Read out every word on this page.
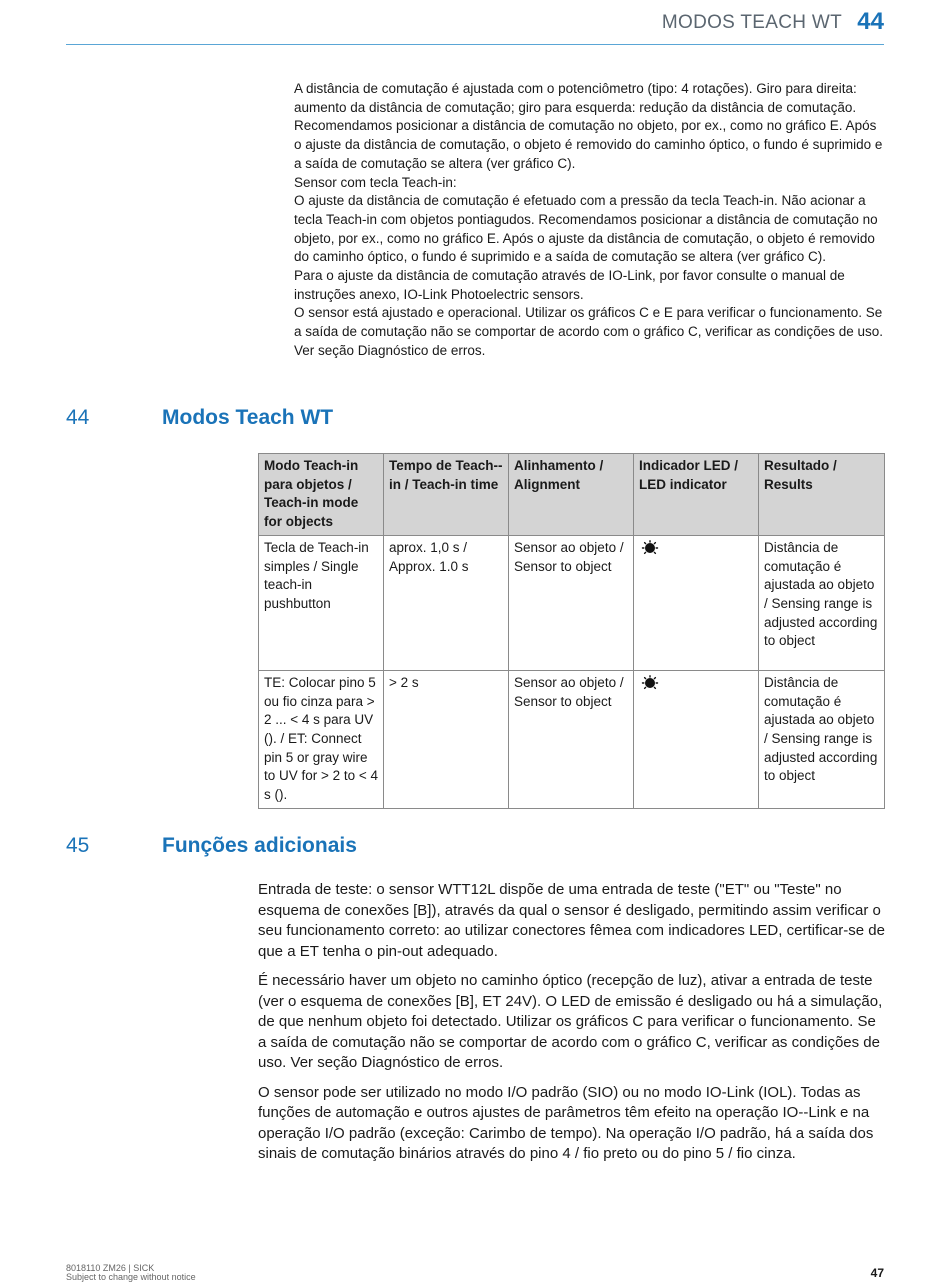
MODOS TEACH WT 44

A distância de comutação é ajustada com o potenciômetro (tipo: 4 rotações). Giro para direita: aumento da distância de comutação; giro para esquerda: redução da distância de comutação. Recomendamos posicionar a distância de comutação no objeto, por ex., como no gráfico E. Após o ajuste da distância de comutação, o objeto é removido do caminho óptico, o fundo é suprimido e a saída de comutação se altera (ver gráfico C).

Sensor com tecla Teach-in:

O ajuste da distância de comutação é efetuado com a pressão da tecla Teach-in. Não acionar a tecla Teach-in com objetos pontiagudos. Recomendamos posicionar a distância de comutação no objeto, por ex., como no gráfico E. Após o ajuste da distância de comutação, o objeto é removido do caminho óptico, o fundo é suprimido e a saída de comutação se altera (ver gráfico C).

Para o ajuste da distância de comutação através de IO-Link, por favor consulte o manual de instruções anexo, IO-Link Photoelectric sensors.

O sensor está ajustado e operacional. Utilizar os gráficos C e E para verificar o funcionamento. Se a saída de comutação não se comportar de acordo com o gráfico C, verificar as condições de uso. Ver seção Diagnóstico de erros.

44	Modos Teach WT
Modo Teach-in para objetos / Teach-in mode for objects	Tempo de Teach--in / Teach-in time	Alinhamento / Alignment	Indicador LED / LED indicator	Resultado / Results
Tecla de Teach-in simples / Single teach-in pushbutton	aprox. 1,0 s / Approx. 1.0 s	Sensor ao objeto / Sensor to object		Distância de comutação é ajustada ao objeto / Sensing range is adjusted according to object
TE: Colocar pino 5 ou fio cinza para > 2 ... < 4 s para UV (). / ET: Connect pin 5 or gray wire to UV for > 2 to < 4 s ().	> 2 s	Sensor ao objeto / Sensor to object		Distância de comutação é ajustada ao objeto / Sensing range is adjusted according to object
45	Funções adicionais

Entrada de teste: o sensor WTT12L dispõe de uma entrada de teste ("ET" ou "Teste" no esquema de conexões [B]), através da qual o sensor é desligado, permitindo assim verificar o seu funcionamento correto: ao utilizar conectores fêmea com indicadores LED, certificar-se de que a ET tenha o pin-out adequado.

É necessário haver um objeto no caminho óptico (recepção de luz), ativar a entrada de teste (ver o esquema de conexões [B], ET 24V). O LED de emissão é desligado ou há a simulação, de que nenhum objeto foi detectado. Utilizar os gráficos C para verificar o funcionamento. Se a saída de comutação não se comportar de acordo com o gráfico C, verificar as condições de uso. Ver seção Diagnóstico de erros.

O sensor pode ser utilizado no modo I/O padrão (SIO) ou no modo IO-Link (IOL). Todas as funções de automação e outros ajustes de parâmetros têm efeito na operação IO--Link e na operação I/O padrão (exceção: Carimbo de tempo). Na operação I/O padrão, há a saída dos sinais de comutação binários através do pino 4 / fio preto ou do pino 5 / fio cinza.

8018110 ZM26 | SICK
Subject to change without notice	47
